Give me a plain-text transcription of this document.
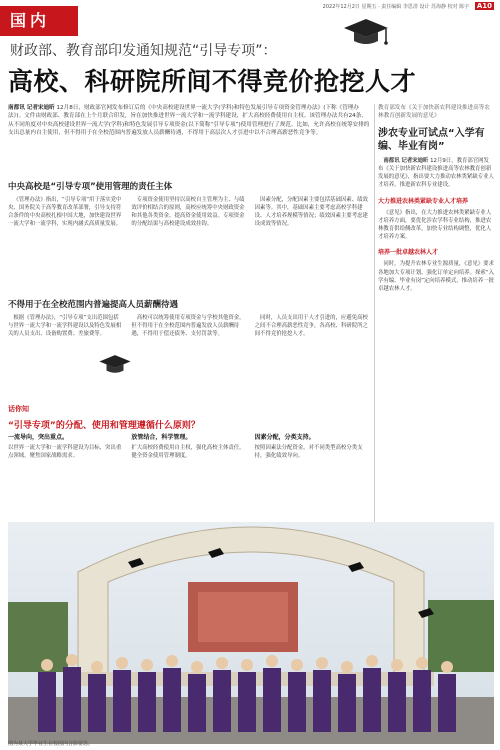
国内
2022年12月2日 星期五 · 责任编辑 李思清 设计 苏海静 校对 陈宇 A10
财政部、教育部印发通知规范“引导专项”：
高校、科研院所间不得竞价抢挖人才
南都讯 记者宋迪昕 12月8日，财政部官网发布修订后的《中央高校建设世界一流大学(学科)和特色发展引导专项资金管理办法》(下称《管理办法》)。文件由财政部、教育部在上个月联合印发，旨在加快推进世界一流大学和一流学科建设，扩大高校经费使用自主权。该管理办法共有24条，从不同角度对中央高校建设世界一流大学(学科)和特色发展引导专项资金(以下简称“引导专项”)使用管理进行了规范。比如，允许高校在统筹安排的支出总量内自主使用，但不得用于在全校范围内普遍发放人员薪酬待遇，不得用于高层次人才引进中以不合理高薪恶性竞争等。
中央高校是“引导专项”使用管理的责任主体
《管理办法》指出，“引导专项”用于落实党中央、国务院关于高等教育改革部署，引导支持符合条件的中央高校扎根中国大地，加快建设世界一流大学和一流学科，实现内涵式高质量发展。
专项资金使用坚持以高校自主管理为主、与绩效评价相结合的原则，高校应统筹中央财政资金和其他各类资金，提高资金使用效益。专项资金的分配结果与高校建设成效挂钩。
因素分配，分配因素主要包括基础因素、绩效因素等。其中，基础因素主要考虑高校学科建设、人才培养规模等情况；绩效因素主要考虑建设成效等情况。
不得用于在全校范围内普遍提高人员薪酬待遇
根据《管理办法》，“引导专项”支出范围包括与世界一流大学和一流学科建设以及特色发展相关的人员支出、设备购置费、差旅费等。
高校可以统筹使用专项资金与学校其他资金，但不得用于在全校范围内普遍发放人员薪酬待遇，不得用于偿还债务、支付罚款等。
同时，人员支出用于人才引进的，应避免高校之间不合理高薪恶性竞争，各高校、科研院所之间不得竞价抢挖人才。
话你知
“引导专项”的分配、使用和管理遵循什么原则？
一流导向，突出重点。
以世界一流大学和一流学科建设为目标，突出重点领域，聚焦国家战略需求。
放管结合，科学管理。
扩大高校经费使用自主权，强化高校主体责任，健全资金使用管理制度。
因素分配，分类支持。
按照因素法分配资金，对不同类型高校分类支持，强化绩效导向。
教育部发布《关于加快新农科建设推进高等农林教育创新发展的意见》
涉农专业可试点“入学有编、毕业有岗”
南都讯 记者宋迪昕 12月9日，教育部官网发布《关于加快新农科建设推进高等农林教育创新发展的意见》，指出要大力推动农林类紧缺专业人才培养，推进新农科专业建设。
大力推进农林类紧缺专业人才培养
《意见》指出，在大力推进农林类紧缺专业人才培养方面，要优化涉农学科专业结构，推进农林教育供给侧改革，加快专业结构调整，优化人才培养方案。
培养一批卓越农林人才
同时，为提升农林专业生源质量，《意见》要求各地加大专项计划、强化订单定向培养。探索“入学有编、毕业有岗”定向培养模式，推动培养一批卓越农林人才。
图为某大学毕业生在校园内合影留念。
